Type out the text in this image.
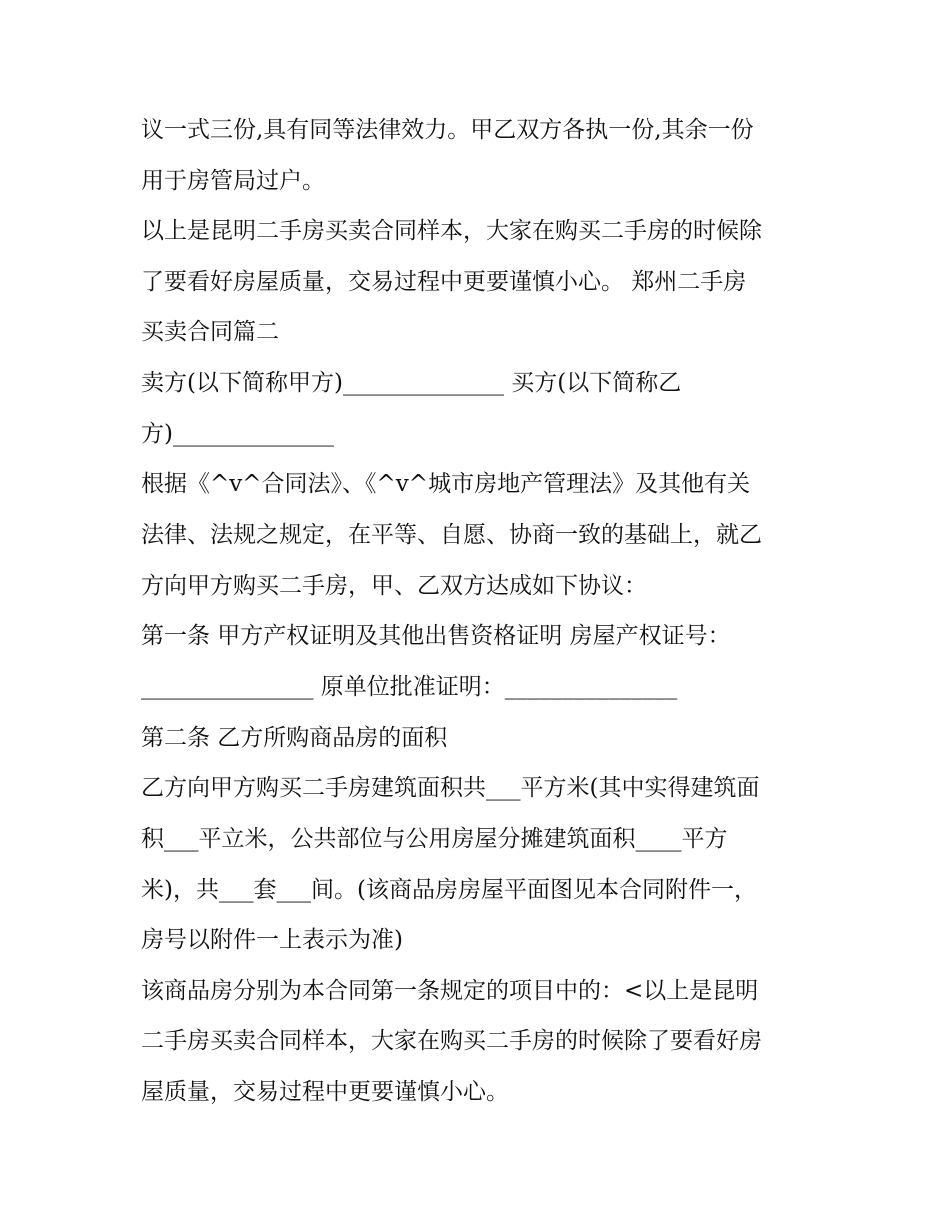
议一式三份,具有同等法律效力。甲乙双方各执一份,其余一份
用于房管局过户。
以上是昆明二手房买卖合同样本，大家在购买二手房的时候除
了要看好房屋质量，交易过程中更要谨慎小心。 郑州二手房
买卖合同篇二
卖方(以下简称甲方)______________ 买方(以下简称乙
方)______________
根据《^v^合同法》、《^v^城市房地产管理法》及其他有关
法律、法规之规定，在平等、自愿、协商一致的基础上，就乙
方向甲方购买二手房，甲、乙双方达成如下协议：
第一条 甲方产权证明及其他出售资格证明 房屋产权证号：
_______________ 原单位批准证明：_______________
第二条 乙方所购商品房的面积
乙方向甲方购买二手房建筑面积共___平方米(其中实得建筑面
积___平立米，公共部位与公用房屋分摊建筑面积____平方
米)，共___套___间。(该商品房房屋平面图见本合同附件一，
房号以附件一上表示为准)
该商品房分别为本合同第一条规定的项目中的：<以上是昆明
二手房买卖合同样本，大家在购买二手房的时候除了要看好房
屋质量，交易过程中更要谨慎小心。
